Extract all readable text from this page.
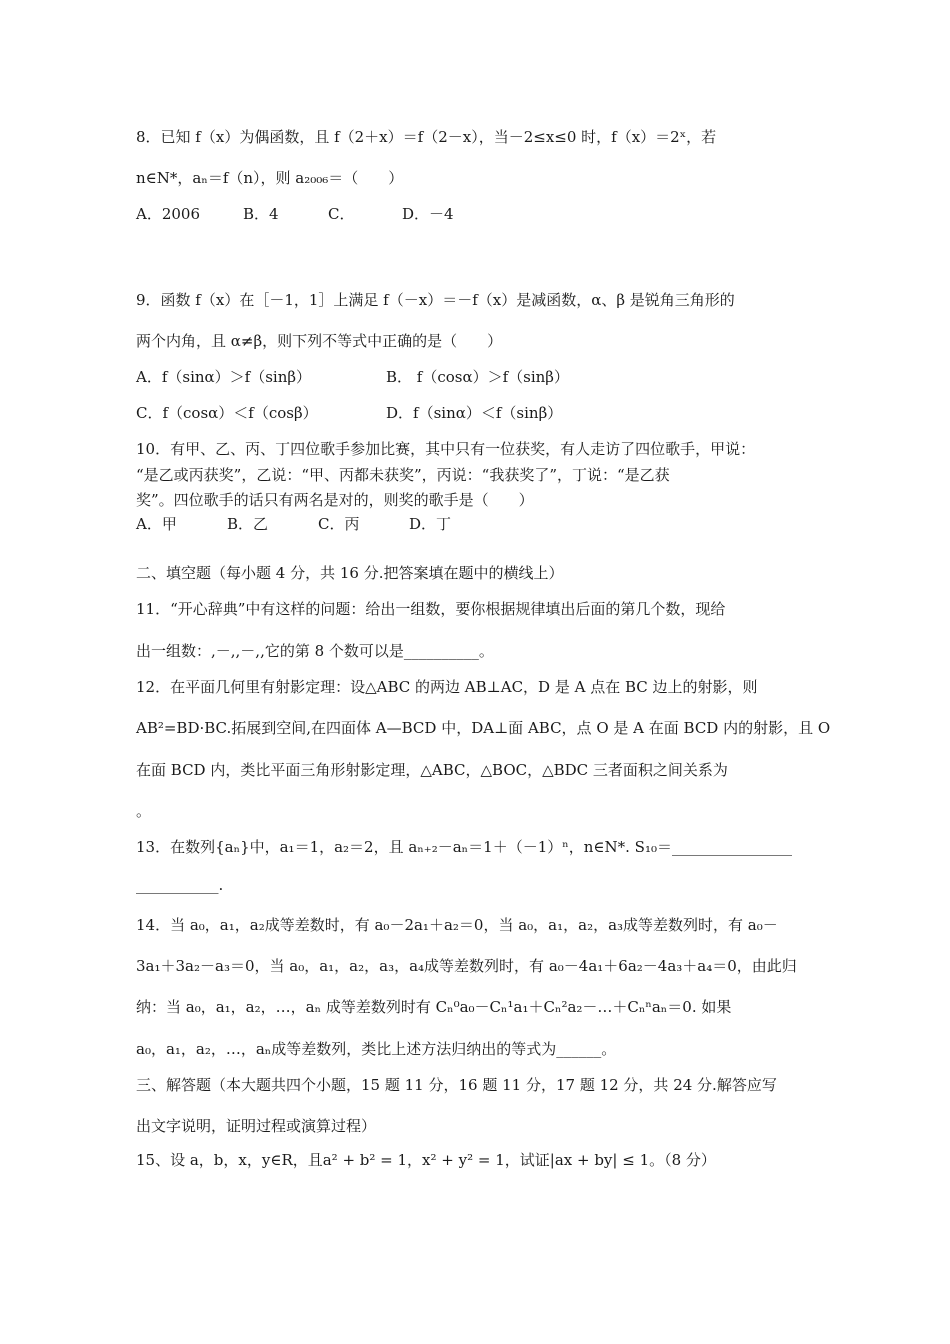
8．已知 f（x）为偶函数，且 f（2＋x）＝f（2－x），当－2≤x≤0 时，f（x）＝2ˣ，若
n∈N*，aₙ＝f（n），则 a₂₀₀₆＝（　　）
A．2006	B．4	C．	D．－4
9．函数 f（x）在［－1，1］上满足 f（－x）＝－f（x）是减函数，α、β 是锐角三角形的
两个内角，且 α≠β，则下列不等式中正确的是（　　）
A．f（sinα）＞f（sinβ）	B． f（cosα）＞f（sinβ）
C．f（cosα）＜f（cosβ）	D．f（sinα）＜f（sinβ）
10．有甲、乙、丙、丁四位歌手参加比赛，其中只有一位获奖，有人走访了四位歌手，甲说：
“是乙或丙获奖”，乙说：“甲、丙都未获奖”，丙说：“我获奖了”，丁说：“是乙获
奖”。四位歌手的话只有两名是对的，则奖的歌手是（　　）
A．甲	B．乙	C．丙	D．丁
二、填空题（每小题 4 分，共 16 分.把答案填在题中的横线上）
11．“开心辞典”中有这样的问题：给出一组数，要你根据规律填出后面的第几个数，现给
出一组数：,－,,－,,它的第 8 个数可以是__________。
12．在平面几何里有射影定理：设△ABC 的两边 AB⊥AC，D 是 A 点在 BC 边上的射影，则
AB²=BD·BC.拓展到空间,在四面体 A—BCD 中，DA⊥面 ABC，点 O 是 A 在面 BCD 内的射影，且 O
在面 BCD 内，类比平面三角形射影定理，△ABC，△BOC，△BDC 三者面积之间关系为
。
13．在数列{aₙ}中，a₁＝1，a₂＝2，且 aₙ₊₂－aₙ＝1＋（－1）ⁿ，n∈N*. S₁₀＝________________
___________.
14．当 a₀，a₁，a₂成等差数时，有 a₀－2a₁＋a₂＝0，当 a₀，a₁，a₂，a₃成等差数列时，有 a₀－
3a₁＋3a₂－a₃＝0，当 a₀，a₁，a₂，a₃，a₄成等差数列时，有 a₀－4a₁＋6a₂－4a₃＋a₄＝0，由此归
纳：当 a₀，a₁，a₂，…，aₙ 成等差数列时有 Cₙ⁰a₀－Cₙ¹a₁＋Cₙ²a₂－…＋Cₙⁿaₙ＝0. 如果
a₀，a₁，a₂，…，aₙ成等差数列，类比上述方法归纳出的等式为______。
三、解答题（本大题共四个小题，15 题 11 分，16 题 11 分，17 题 12 分，共 24 分.解答应写
出文字说明，证明过程或演算过程）
15、设 a，b，x，y∈R，且a² + b² = 1，x² + y² = 1，试证|ax + by| ≤ 1。（8 分）
